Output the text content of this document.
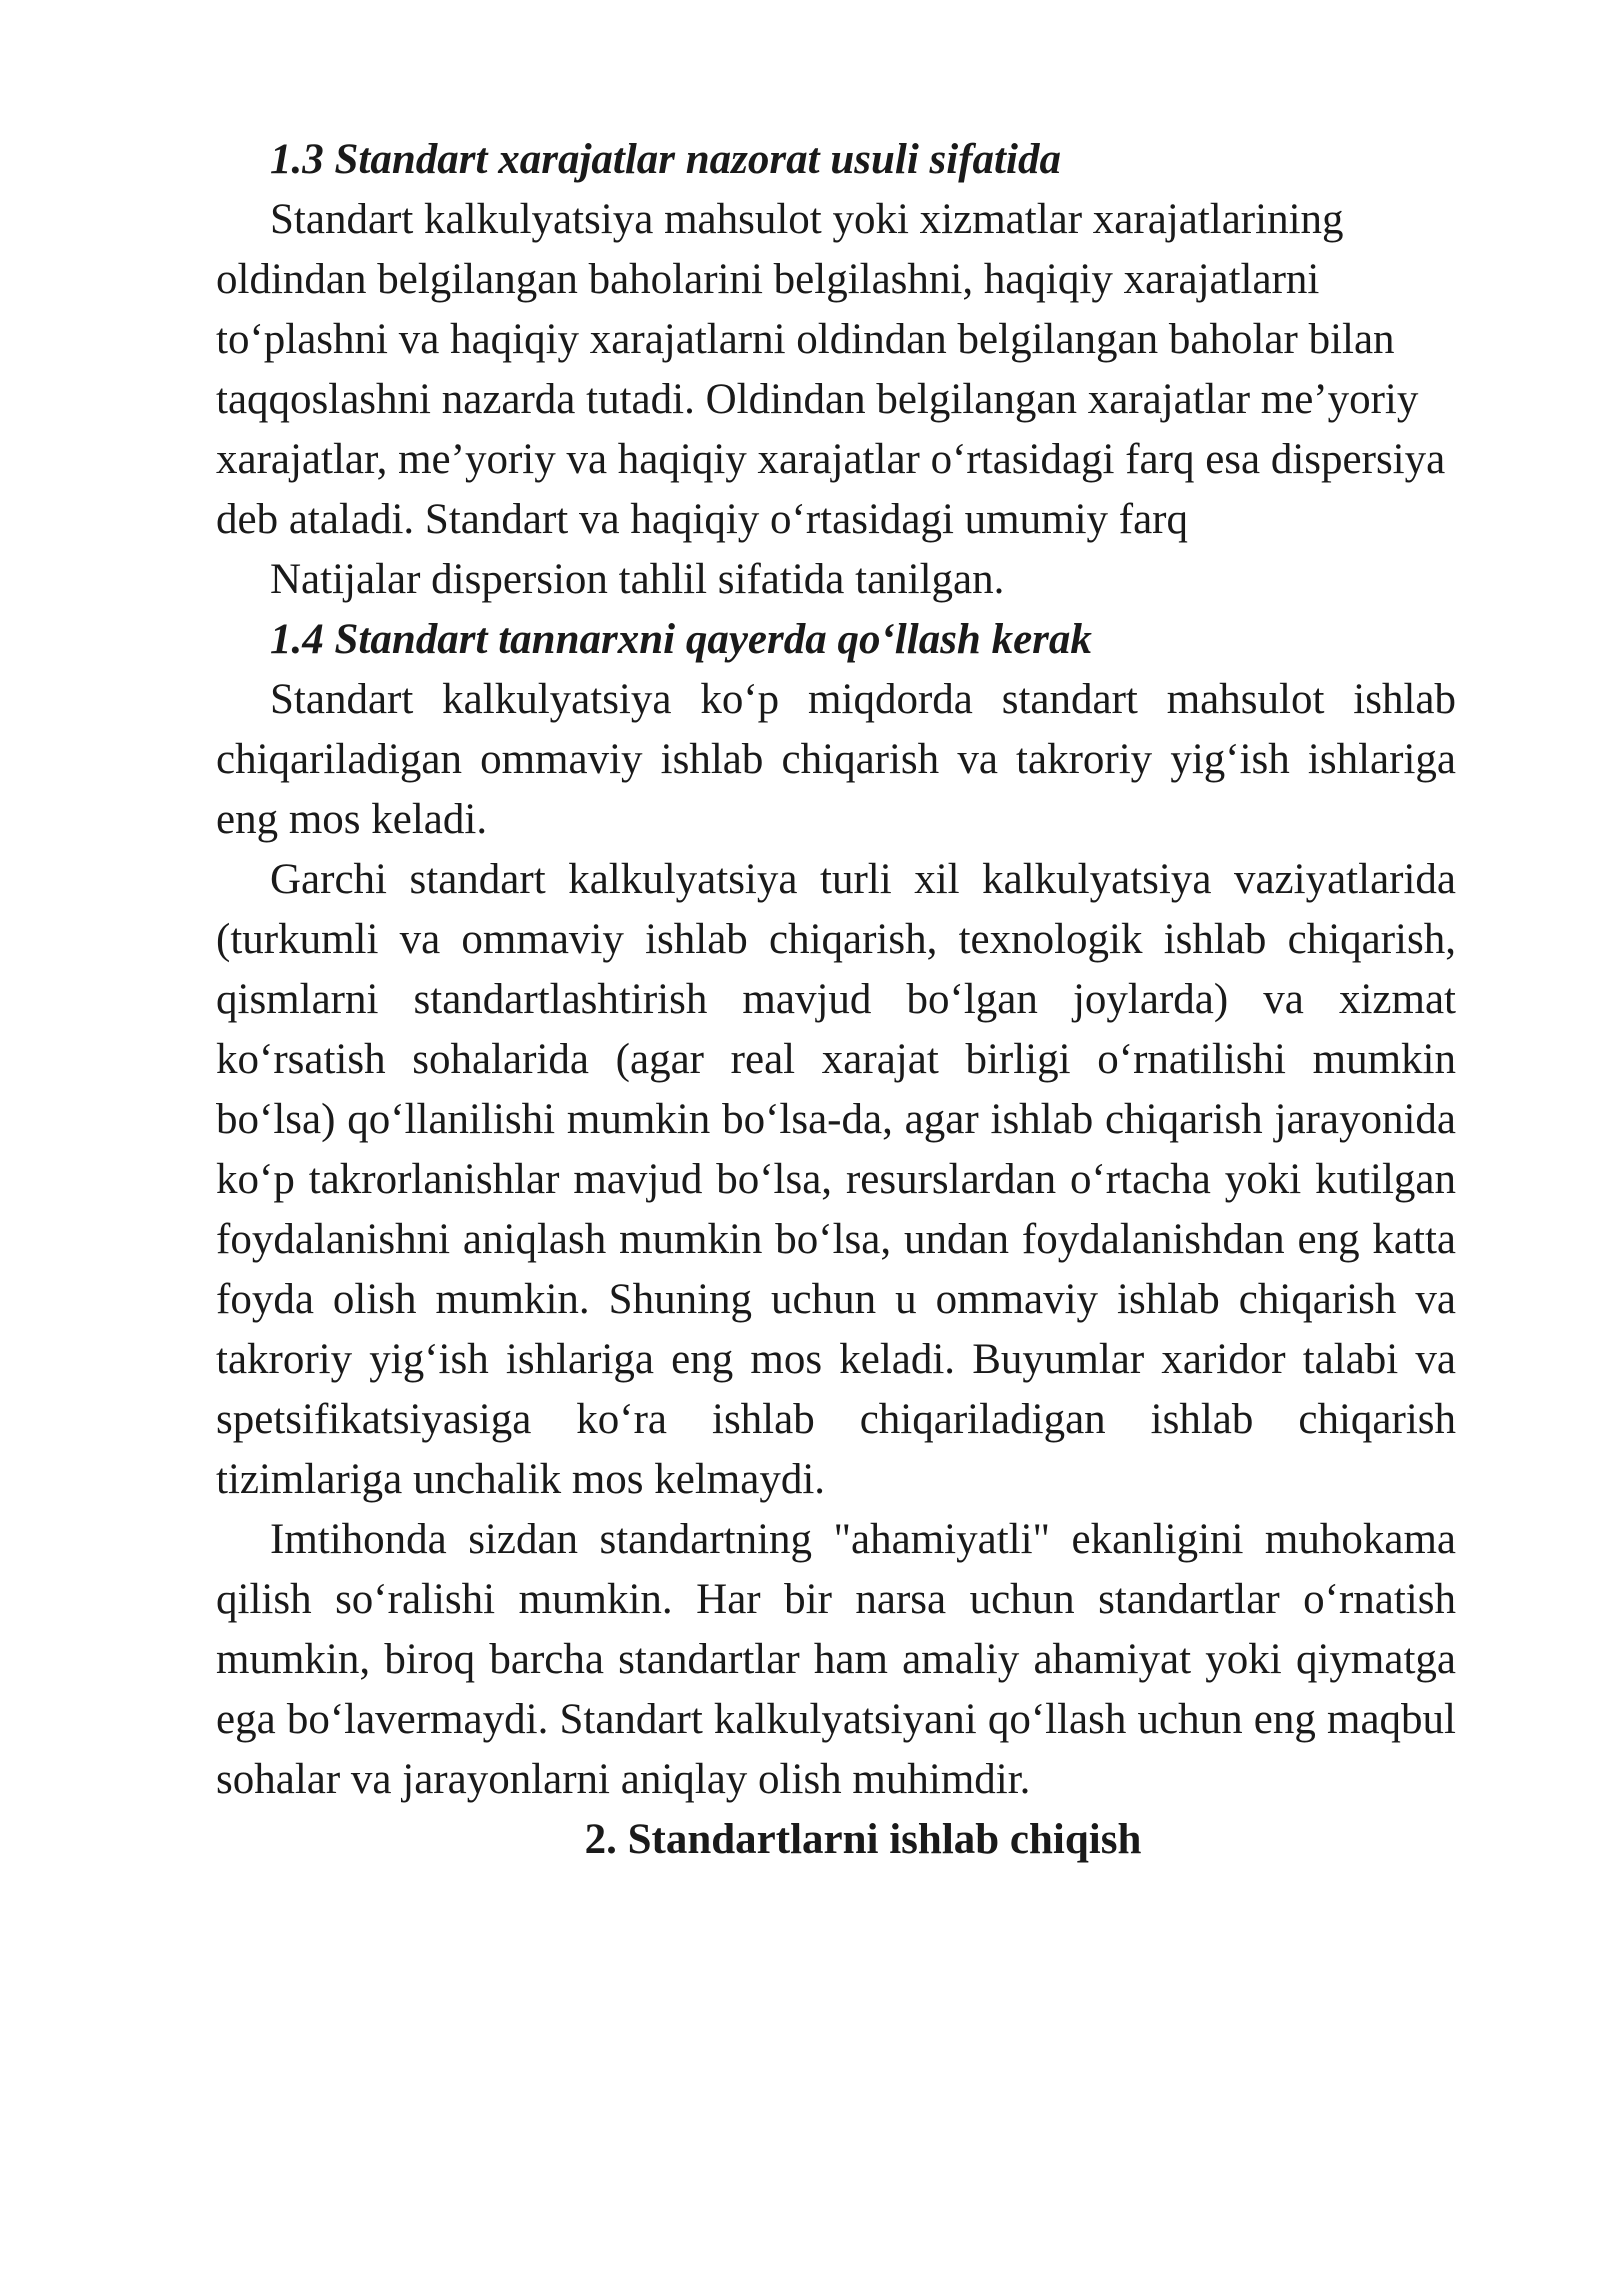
1.3 Standart xarajatlar nazorat usuli sifatida

Standart kalkulyatsiya mahsulot yoki xizmatlar xarajatlarining oldindan belgilangan baholarini belgilashni, haqiqiy xarajatlarni to‘plashni va haqiqiy xarajatlarni oldindan belgilangan baholar bilan taqqoslashni nazarda tutadi. Oldindan belgilangan xarajatlar me’yoriy xarajatlar, me’yoriy va haqiqiy xarajatlar o‘rtasidagi farq esa dispersiya deb ataladi. Standart va haqiqiy o‘rtasidagi umumiy farq

Natijalar dispersion tahlil sifatida tanilgan.

1.4 Standart tannarxni qayerda qo‘llash kerak

Standart kalkulyatsiya ko‘p miqdorda standart mahsulot ishlab chiqariladigan ommaviy ishlab chiqarish va takroriy yig‘ish ishlariga eng mos keladi.

Garchi standart kalkulyatsiya turli xil kalkulyatsiya vaziyatlarida (turkumli va ommaviy ishlab chiqarish, texnologik ishlab chiqarish, qismlarni standartlashtirish mavjud bo‘lgan joylarda) va xizmat ko‘rsatish sohalarida (agar real xarajat birligi o‘rnatilishi mumkin bo‘lsa) qo‘llanilishi mumkin bo‘lsa-da, agar ishlab chiqarish jarayonida ko‘p takrorlanishlar mavjud bo‘lsa, resurslardan o‘rtacha yoki kutilgan foydalanishni aniqlash mumkin bo‘lsa, undan foydalanishdan eng katta foyda olish mumkin. Shuning uchun u ommaviy ishlab chiqarish va takroriy yig‘ish ishlariga eng mos keladi. Buyumlar xaridor talabi va spetsifikatsiyasiga ko‘ra ishlab chiqariladigan ishlab chiqarish tizimlariga unchalik mos kelmaydi.

Imtihonda sizdan standartning "ahamiyatli" ekanligini muhokama qilish so‘ralishi mumkin. Har bir narsa uchun standartlar o‘rnatish mumkin, biroq barcha standartlar ham amaliy ahamiyat yoki qiymatga ega bo‘lavermaydi. Standart kalkulyatsiyani qo‘llash uchun eng maqbul sohalar va jarayonlarni aniqlay olish muhimdir.

2. Standartlarni ishlab chiqish
